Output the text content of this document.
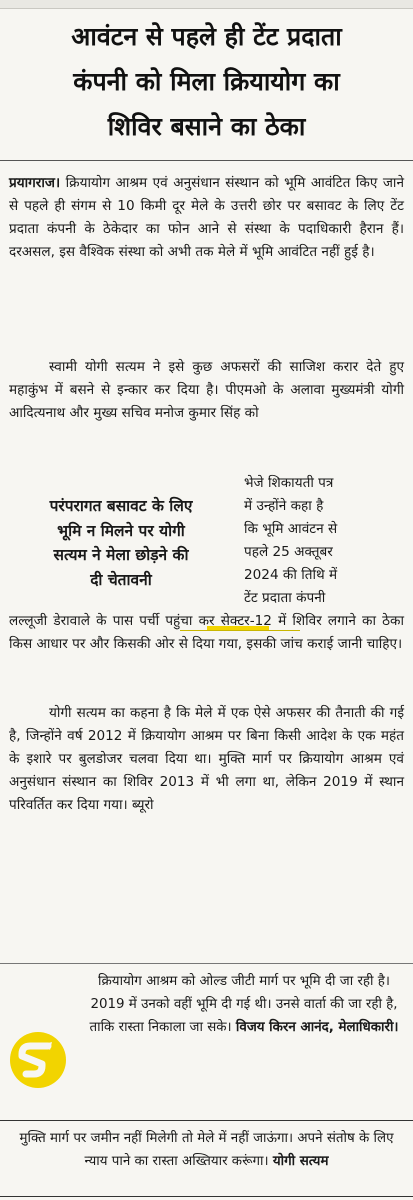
आवंटन से पहले ही टेंट प्रदाता
कंपनी को मिला क्रियायोग का
शिविर बसाने का ठेका

प्रयागराज। क्रियायोग आश्रम एवं अनुसंधान संस्थान को भूमि आवंटित किए जाने से पहले ही संगम से 10 किमी दूर मेले के उत्तरी छोर पर बसावट के लिए टेंट प्रदाता कंपनी के ठेकेदार का फोन आने से संस्था के पदाधिकारी हैरान हैं। दरअसल, इस वैश्विक संस्था को अभी तक मेले में भूमि आवंटित नहीं हुई है।

स्वामी योगी सत्यम ने इसे कुछ अफसरों की साजिश करार देते हुए महाकुंभ में बसने से इन्कार कर दिया है। पीएमओ के अलावा मुख्यमंत्री योगी आदित्यनाथ और मुख्य सचिव मनोज कुमार सिंह को

परंपरागत बसावट के लिए
भूमि न मिलने पर योगी
सत्यम ने मेला छोड़ने की
दी चेतावनी
भेजे शिकायती पत्र
में उन्होंने कहा है
कि भूमि आवंटन से
पहले 25 अक्तूबर
2024 की तिथि में
टेंट प्रदाता कंपनी

लल्लूजी डेरावाले के पास पर्ची पहुंचा कर सेक्टर-12 में शिविर लगाने का ठेका किस आधार पर और किसकी ओर से दिया गया, इसकी जांच कराई जानी चाहिए।

योगी सत्यम का कहना है कि मेले में एक ऐसे अफसर की तैनाती की गई है, जिन्होंने वर्ष 2012 में क्रियायोग आश्रम पर बिना किसी आदेश के एक महंत के इशारे पर बुलडोजर चलवा दिया था। मुक्ति मार्ग पर क्रियायोग आश्रम एवं अनुसंधान संस्थान का शिविर 2013 में भी लगा था, लेकिन 2019 में स्थान परिवर्तित कर दिया गया। ब्यूरो

क्रियायोग आश्रम को ओल्ड जीटी मार्ग पर भूमि दी जा रही है। 2019 में उनको वहीं भूमि दी गई थी। उनसे वार्ता की जा रही है, ताकि रास्ता निकाला जा सके। विजय किरन आनंद, मेलाधिकारी।
मुक्ति मार्ग पर जमीन नहीं मिलेगी तो मेले में नहीं जाऊंगा। अपने संतोष के लिए न्याय पाने का रास्ता अख्तियार करूंगा। योगी सत्यम
